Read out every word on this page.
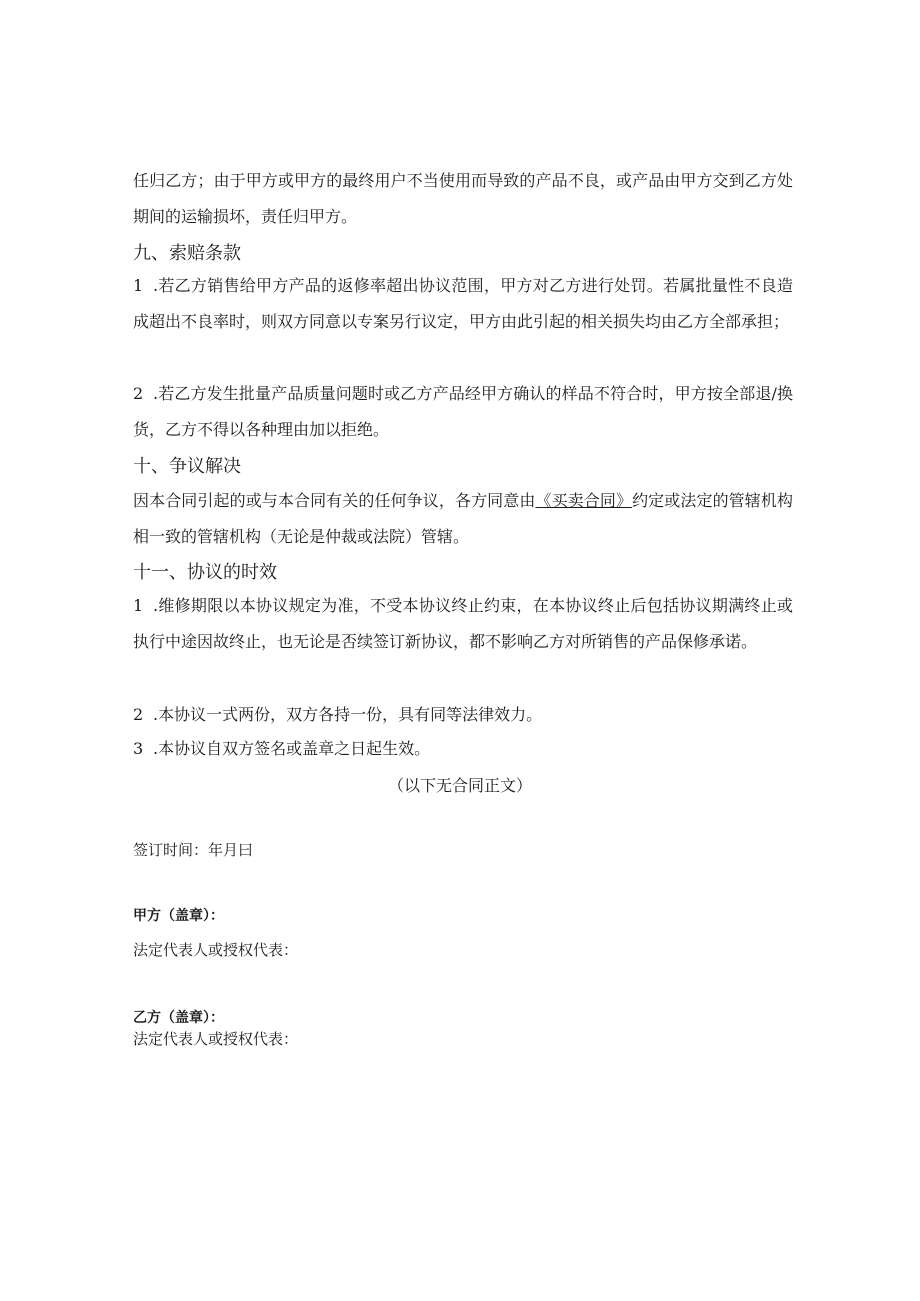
任归乙方；由于甲方或甲方的最终用户不当使用而导致的产品不良，或产品由甲方交到乙方处期间的运输损坏，责任归甲方。

九、索赔条款

1 .若乙方销售给甲方产品的返修率超出协议范围，甲方对乙方进行处罚。若属批量性不良造成超出不良率时，则双方同意以专案另行议定，甲方由此引起的相关损失均由乙方全部承担；

2 .若乙方发生批量产品质量问题时或乙方产品经甲方确认的样品不符合时，甲方按全部退/换货，乙方不得以各种理由加以拒绝。

十、争议解决

因本合同引起的或与本合同有关的任何争议，各方同意由《买卖合同》约定或法定的管辖机构相一致的管辖机构（无论是仲裁或法院）管辖。

十一、协议的时效

1 .维修期限以本协议规定为准，不受本协议终止约束，在本协议终止后包括协议期满终止或执行中途因故终止，也无论是否续签订新协议，都不影响乙方对所销售的产品保修承诺。

2 .本协议一式两份，双方各持一份，具有同等法律效力。

3 .本协议自双方签名或盖章之日起生效。

（以下无合同正文）
签订时间：年月曰
甲方（盖章）：
法定代表人或授权代表：
乙方（盖章）：
法定代表人或授权代表：
